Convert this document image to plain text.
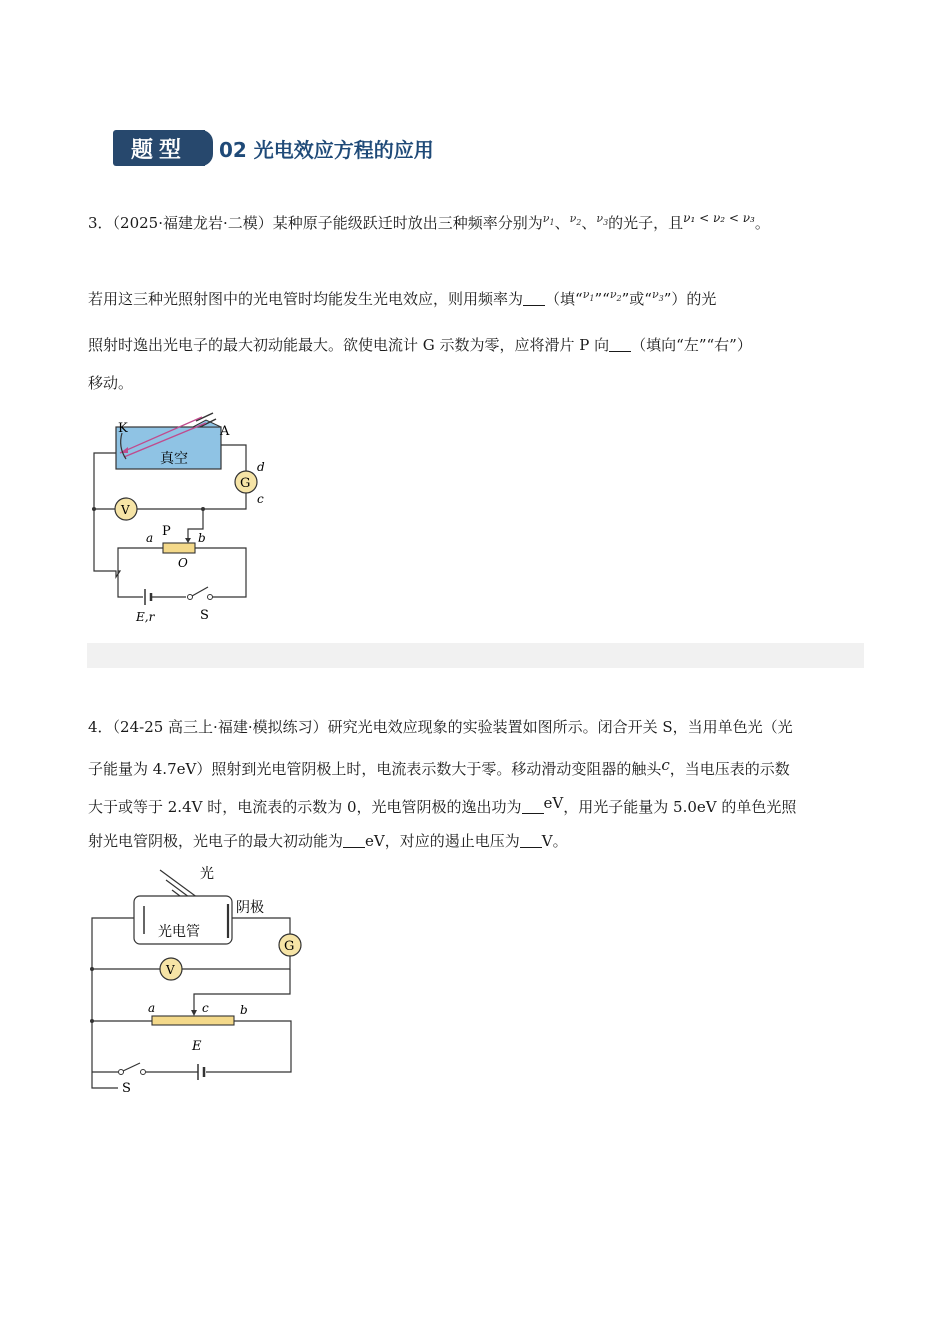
题型	02 光电效应方程的应用
3．（2025·福建龙岩·二模）某种原子能级跃迁时放出三种频率分别为$^{\nu_1}$、$^{\nu_2}$、$^{\nu_3}$的光子，且$^{\nu_1 < \nu_2 < \nu_3}$。
若用这三种光照射图中的光电管时均能发生光电效应，则用频率为 （填“$^{\nu_1}$”“$^{\nu_2}$”或“$^{\nu_3}$”）的光
照射时逸出光电子的最大初动能最大。欲使电流计 G 示数为零，应将滑片 P 向 （填向“左”“右”）
移动。
K	A
真空
G
d
c
V
P
a	b
O
E,r	S
4．（24-25 高三上·福建·模拟练习）研究光电效应现象的实验装置如图所示。闭合开关 S，当用单色光（光
子能量为 4.7eV）照射到光电管阴极上时，电流表示数大于零。移动滑动变阻器的触头c，当电压表的示数
大于或等于 2.4V 时，电流表的示数为 0，光电管阴极的逸出功为 eV，用光子能量为 5.0eV 的单色光照
射光电管阴极，光电子的最大初动能为 eV，对应的遏止电压为 V。
光
阴极
光电管
G
V
a	c	b
E
S
